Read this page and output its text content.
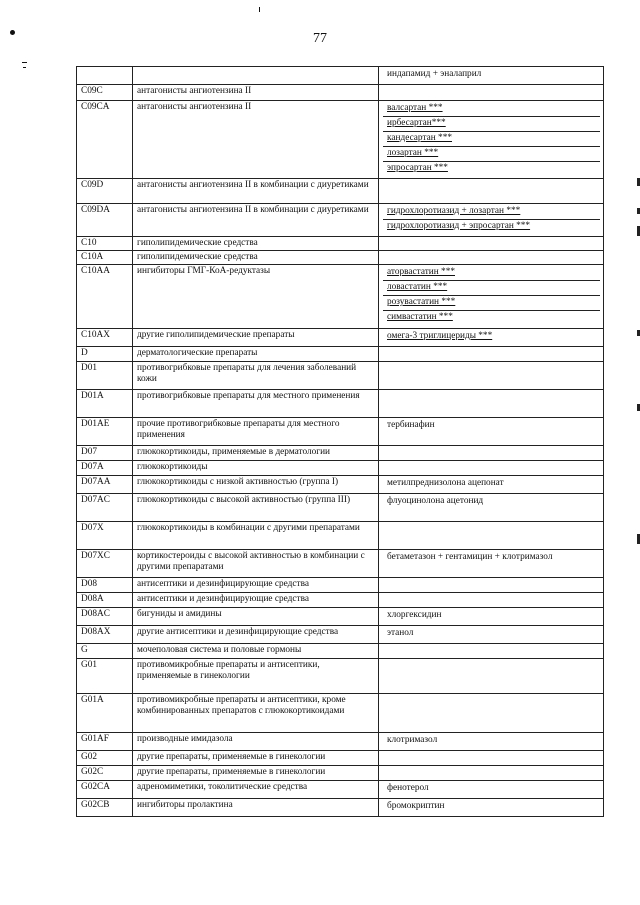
77

		индапамид + эналаприл

C09C	антагонисты ангиотензина II	
C09CA	антагонисты ангиотензина II	валсартан ***
ирбесартан***
кандесартан ***
лозартан ***
эпросартан ***

C09D	антагонисты ангиотензина II в комбинации с диуретиками	
C09DA	антагонисты ангиотензина II в комбинации с диуретиками	гидрохлоротиазид + лозартан ***
гидрохлоротиазид + эпросартан ***

C10	гиполипидемические средства	
C10A	гиполипидемические средства	
C10AA	ингибиторы ГМГ-КоА-редуктазы	аторвастатин ***
ловастатин ***
розувастатин ***
симвастатин ***

C10AX	другие гиполипидемические препараты	омега-3 триглицериды ***

D	дерматологические препараты	
D01	противогрибковые препараты для лечения заболеваний кожи	
D01A	противогрибковые препараты для местного применения	
D01AE	прочие противогрибковые препараты для местного применения	тербинафин

D07	глюкокортикоиды, применяемые в дерматологии	
D07A	глюкокортикоиды	
D07AA	глюкокортикоиды с низкой активностью (группа I)	метилпреднизолона ацепонат

D07AC	глюкокортикоиды с высокой активностью (группа III)	флуоцинолона ацетонид

D07X	глюкокортикоиды в комбинации с другими препаратами	
D07XC	кортикостероиды с высокой активностью в комбинации с другими препаратами	бетаметазон + гентамицин + клотримазол

D08	антисептики и дезинфицирующие средства	
D08A	антисептики и дезинфицирующие средства	
D08AC	бигуниды и амидины	хлоргексидин

D08AX	другие антисептики и дезинфицирующие средства	этанол

G	мочеполовая система и половые гормоны	
G01	противомикробные препараты и антисептики, применяемые в гинекологии	
G01A	противомикробные препараты и антисептики, кроме комбинированных препаратов с глюкокортикоидами	
G01AF	производные имидазола	клотримазол

G02	другие препараты, применяемые в гинекологии	
G02C	другие препараты, применяемые в гинекологии	
G02CA	адреномиметики, токолитические средства	фенотерол

G02CB	ингибиторы пролактина	бромокриптин
